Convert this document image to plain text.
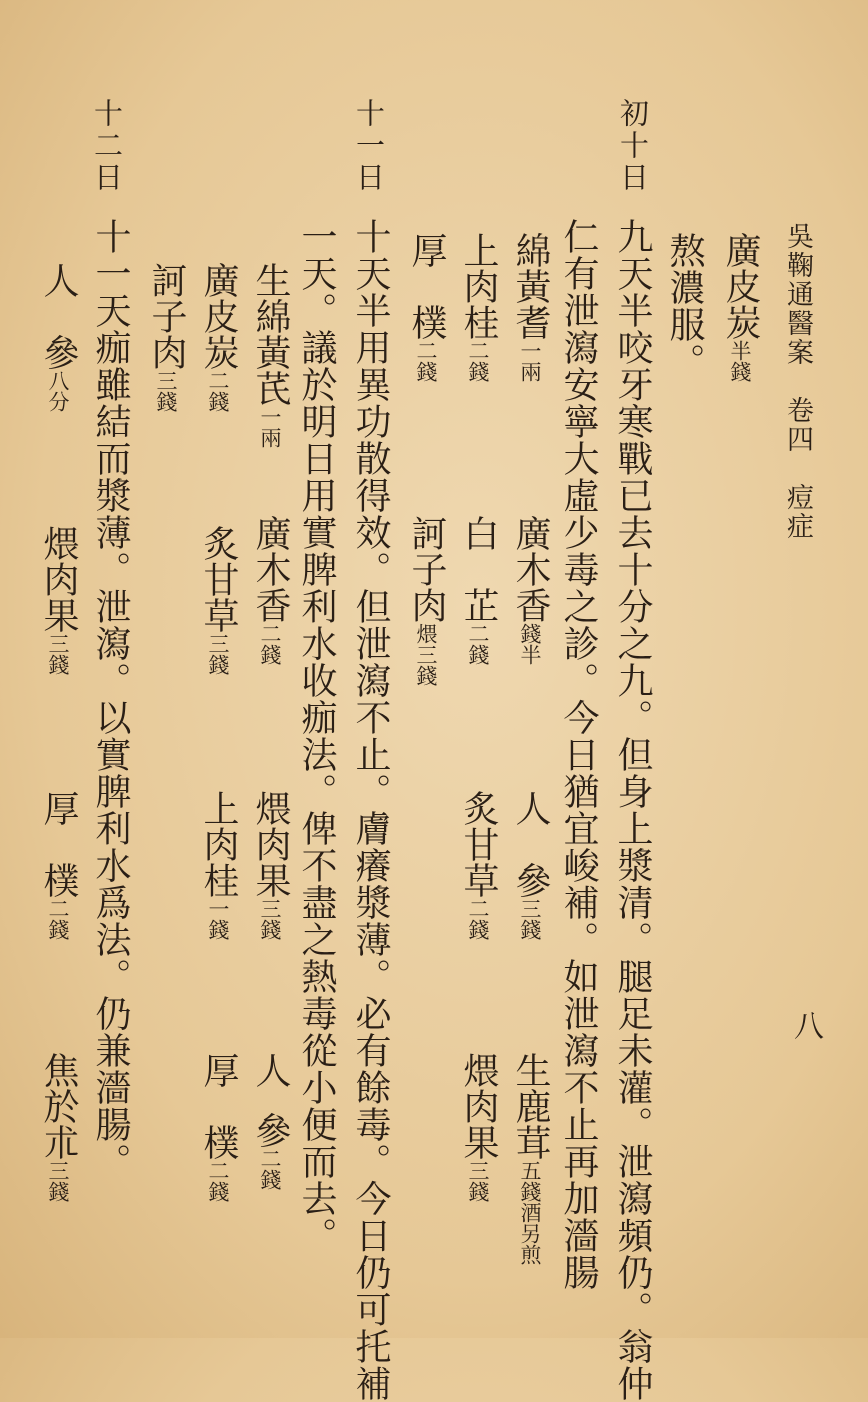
吳鞠通醫案　卷四　痘症
八
廣皮炭半錢
熬濃服。
初十日
九天半咬牙寒戰已去十分之九。但身上漿清。腿足未灌。泄瀉頻仍。翁仲
仁有泄瀉安寧大虛少毒之診。今日猶宜峻補。如泄瀉不止再加濇腸
綿黃耆一兩
廣木香錢半
人　參三錢
生鹿茸五錢酒另煎
上肉桂二錢
白　芷二錢
炙甘草二錢
煨肉果三錢
厚　樸二錢
訶子肉煨三錢
十一日
十天半用異功散得效。但泄瀉不止。膚癢漿薄。必有餘毒。今日仍可托補
一天。議於明日用實脾利水收痂法。俾不盡之熱毒從小便而去。
生綿黃芪一兩
廣木香二錢
煨肉果三錢
人參二錢
廣皮炭二錢
炙甘草三錢
上肉桂一錢
厚　樸二錢
訶子肉三錢
十二日
十一天痂雖結而漿薄。泄瀉。以實脾利水爲法。仍兼濇腸。
人　參八分
煨肉果三錢
厚　樸二錢
焦於朮三錢
